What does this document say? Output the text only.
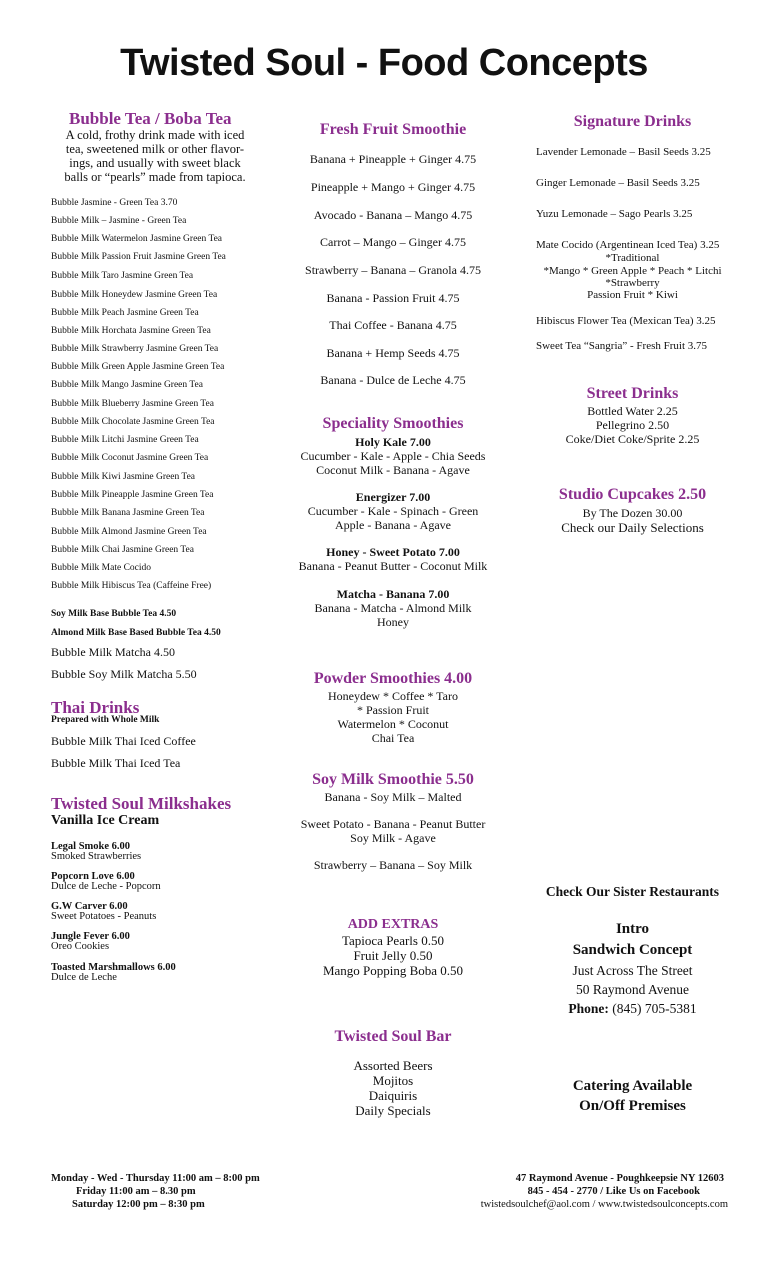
Twisted Soul - Food Concepts
Bubble Tea / Boba Tea
A cold, frothy drink made with iced
tea, sweetened milk or other flavor-
ings, and usually with sweet black
balls or “pearls” made from tapioca.
Bubble Jasmine - Green Tea 3.70
Bubble Milk – Jasmine - Green Tea
Bubble Milk Watermelon Jasmine Green Tea
Bubble Milk Passion Fruit Jasmine Green Tea
Bubble Milk Taro Jasmine Green Tea
Bubble Milk Honeydew Jasmine Green Tea
Bubble Milk Peach Jasmine Green Tea
Bubble Milk Horchata Jasmine Green Tea
Bubble Milk Strawberry Jasmine Green Tea
Bubble Milk Green Apple Jasmine Green Tea
Bubble Milk Mango Jasmine Green Tea
Bubble Milk Blueberry Jasmine Green Tea
Bubble Milk Chocolate Jasmine Green Tea
Bubble Milk Litchi Jasmine Green Tea
Bubble Milk Coconut Jasmine Green Tea
Bubble Milk Kiwi Jasmine Green Tea
Bubble Milk Pineapple Jasmine Green Tea
Bubble Milk Banana Jasmine Green Tea
Bubble Milk Almond Jasmine Green Tea
Bubble Milk Chai Jasmine Green Tea
Bubble Milk Mate Cocido
Bubble Milk Hibiscus Tea (Caffeine Free)
Soy Milk Base Bubble Tea 4.50
Almond Milk Base Based Bubble Tea 4.50
Bubble Milk Matcha 4.50
Bubble Soy Milk Matcha 5.50
Thai Drinks
Prepared with Whole Milk
Bubble Milk Thai Iced Coffee
Bubble Milk Thai Iced Tea
Twisted Soul Milkshakes
Vanilla Ice Cream
Legal Smoke 6.00
Smoked Strawberries
Popcorn Love 6.00
Dulce de Leche - Popcorn
G.W Carver 6.00
Sweet Potatoes - Peanuts
Jungle Fever 6.00
Oreo Cookies
Toasted Marshmallows 6.00
Dulce de Leche
Fresh Fruit Smoothie
Banana + Pineapple + Ginger 4.75
Pineapple + Mango + Ginger 4.75
Avocado - Banana – Mango 4.75
Carrot – Mango – Ginger 4.75
Strawberry – Banana – Granola 4.75
Banana - Passion Fruit 4.75
Thai Coffee - Banana 4.75
Banana + Hemp Seeds 4.75
Banana - Dulce de Leche 4.75
Speciality Smoothies
Holy Kale 7.00
Cucumber - Kale - Apple - Chia Seeds
Coconut Milk - Banana - Agave
Energizer 7.00
Cucumber - Kale - Spinach - Green
Apple - Banana - Agave
Honey - Sweet Potato 7.00
Banana - Peanut Butter - Coconut Milk
Matcha - Banana 7.00
Banana - Matcha - Almond Milk
Honey
Powder Smoothies 4.00
Honeydew * Coffee * Taro
* Passion Fruit
Watermelon * Coconut
Chai Tea
Soy Milk Smoothie 5.50
Banana - Soy Milk – Malted
Sweet Potato - Banana - Peanut Butter
Soy Milk - Agave
Strawberry – Banana – Soy Milk
ADD EXTRAS
Tapioca Pearls 0.50
Fruit Jelly 0.50
Mango Popping Boba 0.50
Twisted Soul Bar
Assorted Beers
Mojitos
Daiquiris
Daily Specials
Signature Drinks
Lavender Lemonade – Basil Seeds 3.25
Ginger Lemonade – Basil Seeds 3.25
Yuzu Lemonade – Sago Pearls 3.25
Mate Cocido (Argentinean Iced Tea) 3.25
*Traditional
*Mango * Green Apple * Peach * Litchi
*Strawberry
Passion Fruit * Kiwi
Hibiscus Flower Tea (Mexican Tea) 3.25
Sweet Tea “Sangria” - Fresh Fruit 3.75
Street Drinks
Bottled Water 2.25
Pellegrino 2.50
Coke/Diet Coke/Sprite 2.25
Studio Cupcakes 2.50
By The Dozen 30.00
Check our Daily Selections
Check Our Sister Restaurants
Intro
Sandwich Concept
Just Across The Street
50 Raymond Avenue
Phone: (845) 705-5381
Catering Available
On/Off Premises
Monday - Wed - Thursday 11:00 am – 8:00 pm
Friday 11:00 am – 8.30 pm
Saturday 12:00 pm – 8:30 pm
47 Raymond Avenue - Poughkeepsie NY 12603
845 - 454 - 2770 / Like Us on Facebook
twistedsoulchef@aol.com / www.twistedsoulconcepts.com
